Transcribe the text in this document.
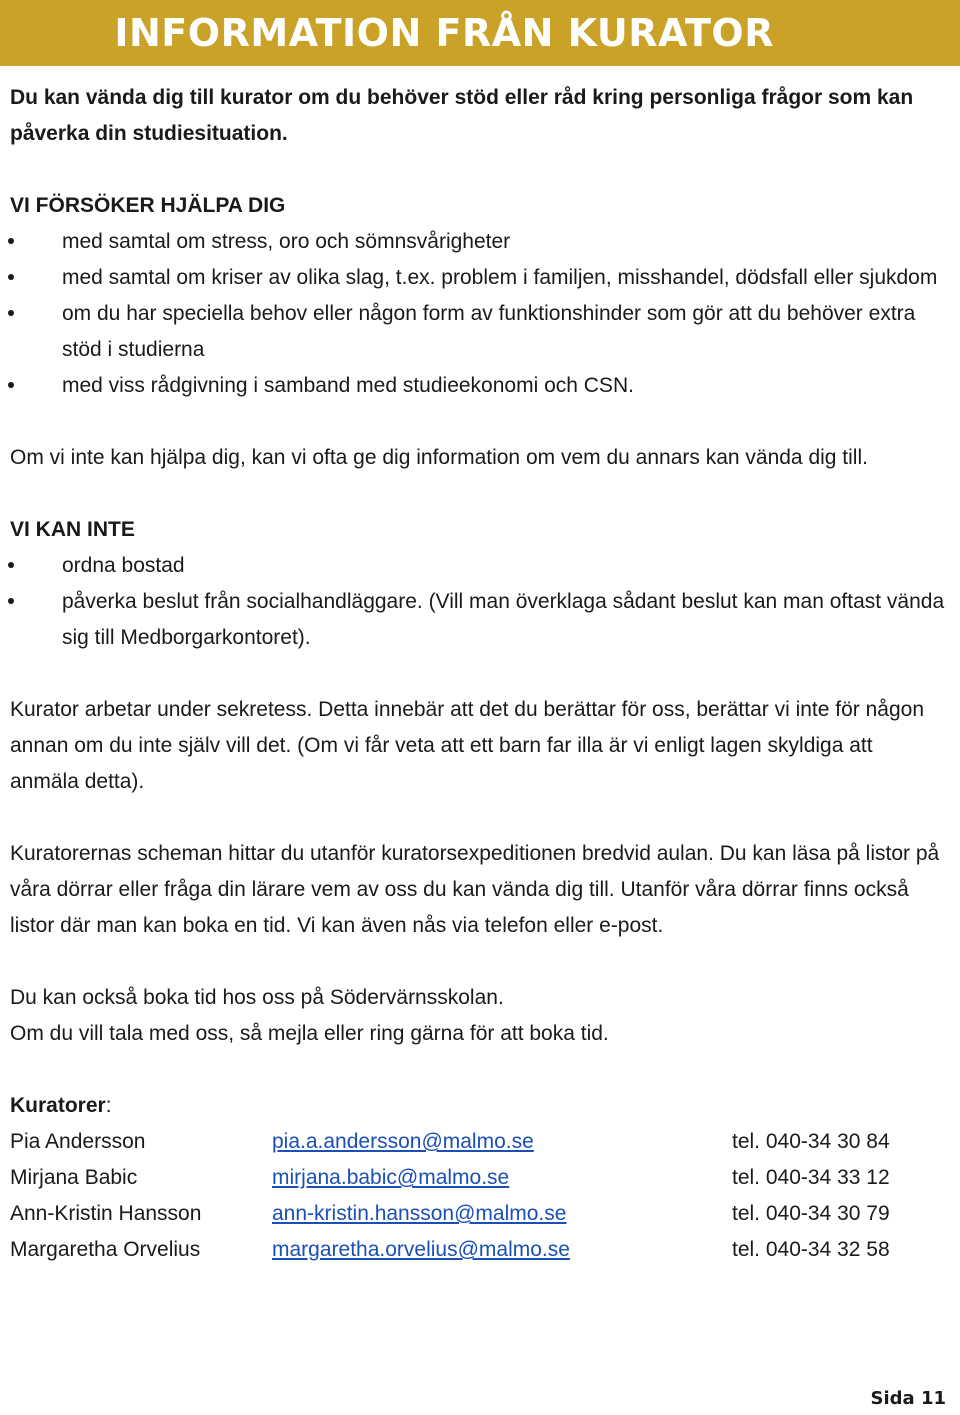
INFORMATION FRÅN KURATOR

Du kan vända dig till kurator om du behöver stöd eller råd kring personliga frågor som kan påverka din studiesituation.

VI FÖRSÖKER HJÄLPA DIG

med samtal om stress, oro och sömnsvårigheter
med samtal om kriser av olika slag, t.ex. problem i familjen, misshandel, dödsfall eller sjukdom
om du har speciella behov eller någon form av funktionshinder som gör att du behöver extra stöd i studierna
med viss rådgivning i samband med studieekonomi och CSN.

Om vi inte kan hjälpa dig, kan vi ofta ge dig information om vem du annars kan vända dig till.

VI KAN INTE

ordna bostad
påverka beslut från socialhandläggare. (Vill man överklaga sådant beslut kan man oftast vända sig till Medborgarkontoret).

Kurator arbetar under sekretess. Detta innebär att det du berättar för oss, berättar vi inte för någon annan om du inte själv vill det. (Om vi får veta att ett barn far illa är vi enligt lagen skyldiga att anmäla detta).

Kuratorernas scheman hittar du utanför kuratorsexpeditionen bredvid aulan. Du kan läsa på listor på våra dörrar eller fråga din lärare vem av oss du kan vända dig till. Utanför våra dörrar finns också listor där man kan boka en tid. Vi kan även nås via telefon eller e-post.

Du kan också boka tid hos oss på Södervärnsskolan.

Om du vill tala med oss, så mejla eller ring gärna för att boka tid.

Kuratorer:

Pia Andersson	pia.a.andersson@malmo.se	tel. 040-34 30 84
Mirjana Babic	mirjana.babic@malmo.se	tel. 040-34 33 12
Ann-Kristin Hansson	ann-kristin.hansson@malmo.se	tel. 040-34 30 79
Margaretha Orvelius	margaretha.orvelius@malmo.se	tel. 040-34 32 58
Sida 11
